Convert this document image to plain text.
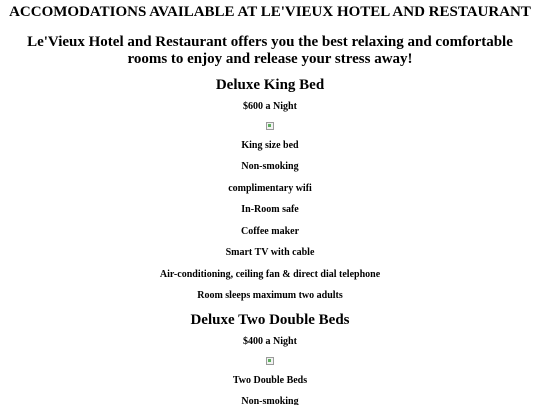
ACCOMODATIONS AVAILABLE AT LE'VIEUX HOTEL AND RESTAURANT

Le'Vieux Hotel and Restaurant offers you the best relaxing and comfortable rooms to enjoy and release your stress away!

Deluxe King Bed

$600 a Night

King size bed

Non-smoking

complimentary wifi

In-Room safe

Coffee maker

Smart TV with cable

Air-conditioning, ceiling fan & direct dial telephone

Room sleeps maximum two adults

Deluxe Two Double Beds

$400 a Night

Two Double Beds

Non-smoking
